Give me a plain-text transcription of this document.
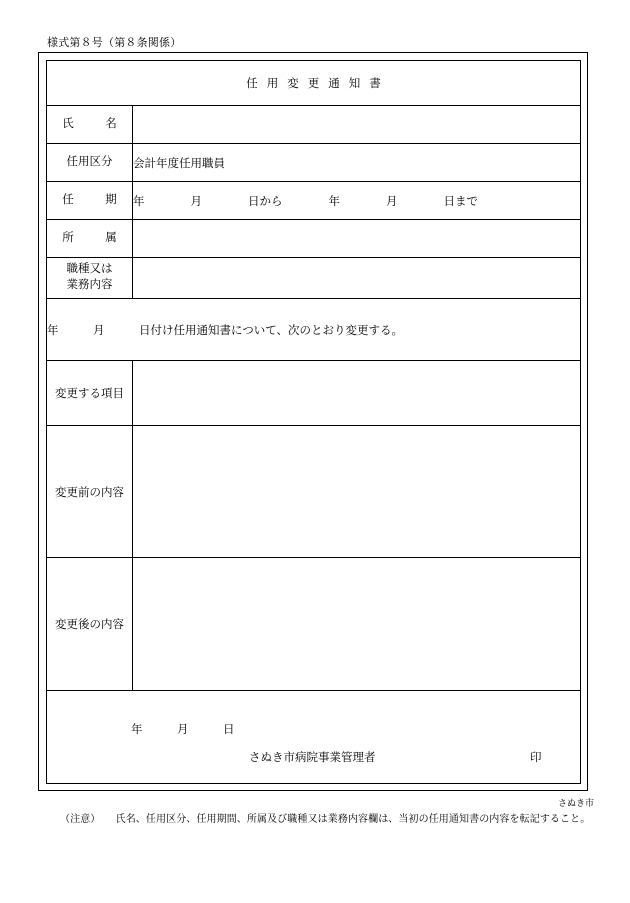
様式第８号（第８条関係）
任用変更通知書	
氏　名	
任用区分	会計年度任用職員
任　期	年　　　　月　　　　日から　　　　年　　　　月　　　　日まで
所　属	

職種又は
業務内容	

年　　　月　　　日付け任用通知書について、次のとおり変更する。	
変更する項目	
変更前の内容	
変更後の内容	

年　　　月　　　日
さぬき市病院事業管理者 印	
さぬき市
（注意）　　氏名、任用区分、任用期間、所属及び職種又は業務内容欄は、当初の任用通知書の内容を転記すること。
